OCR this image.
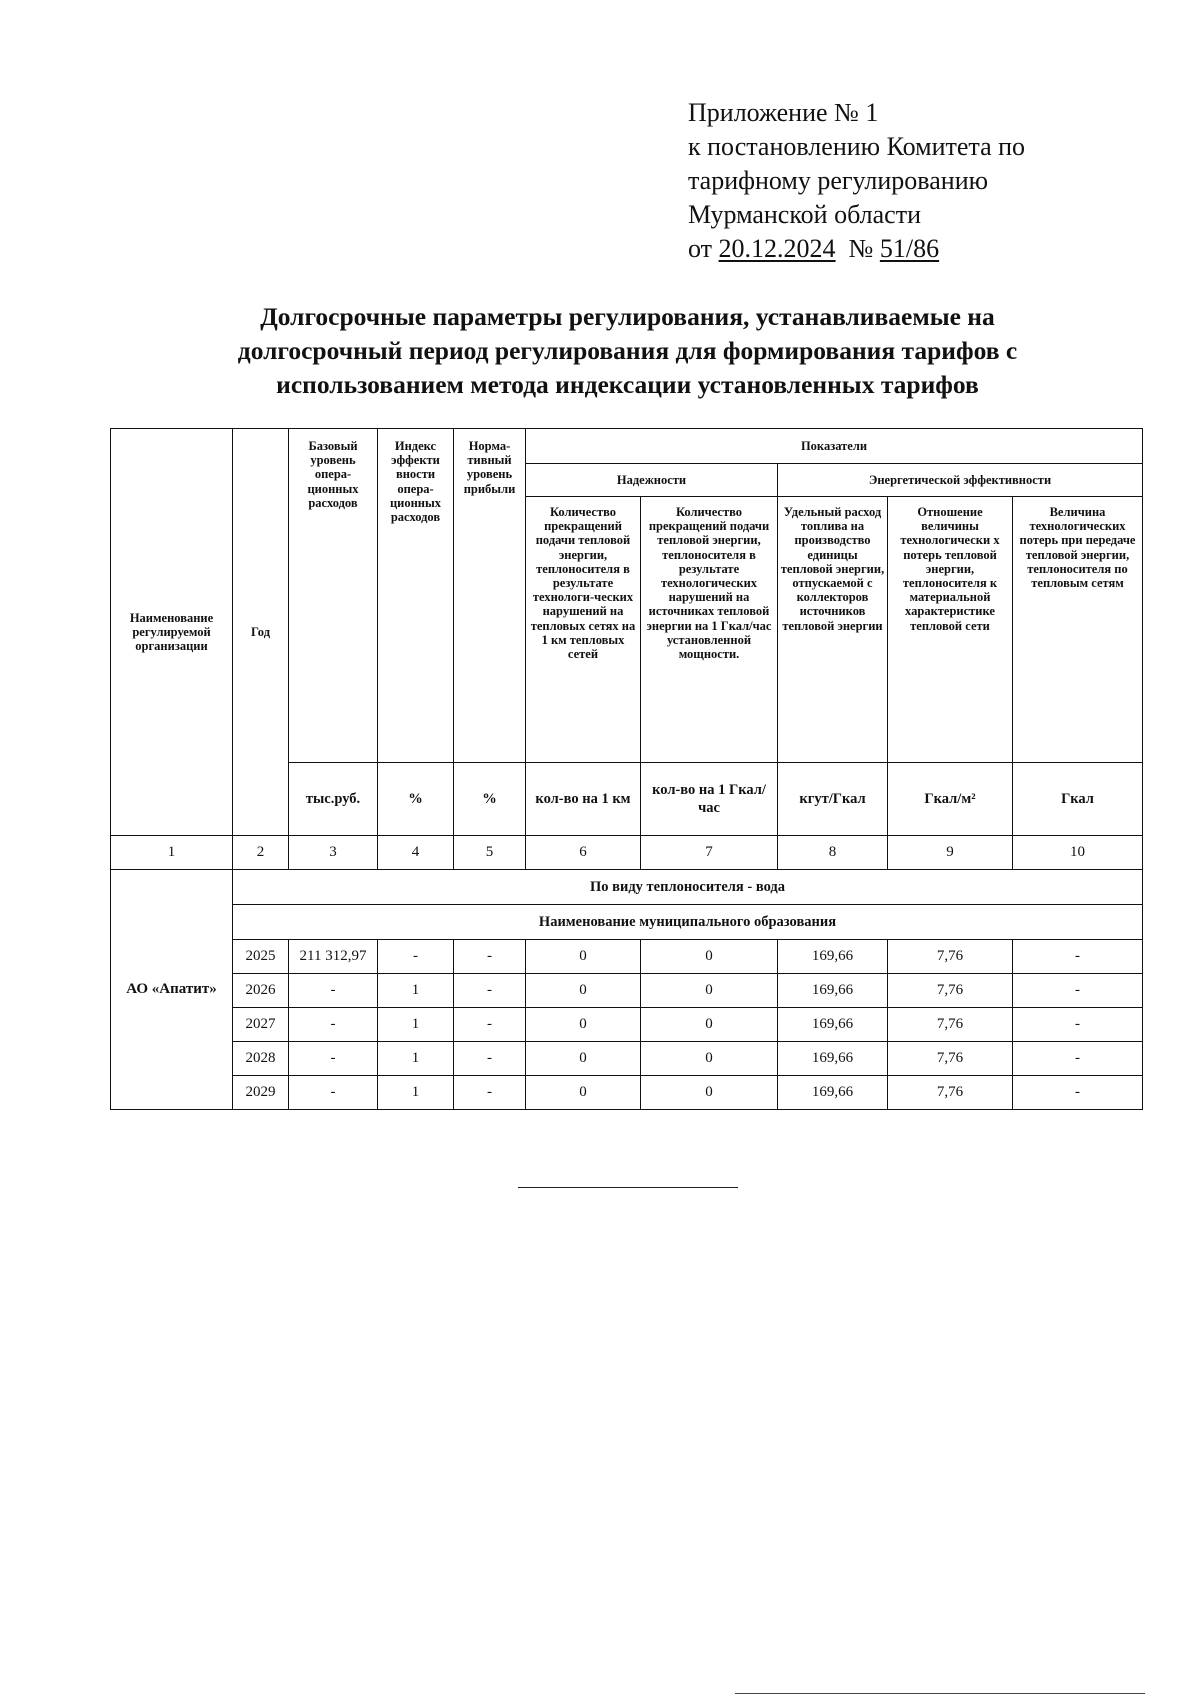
Приложение № 1
к постановлению Комитета по
тарифному регулированию
Мурманской области
от 20.12.2024 № 51/86
Долгосрочные параметры регулирования, устанавливаемые на
долгосрочный период регулирования для формирования тарифов с
использованием метода индексации установленных тарифов
Наименование регулируемой организации	Год	Базовый уровень опера-ционных расходов	Индекс эффекти вности опера-ционных расходов	Норма-тивный уровень прибыли	Показатели				
					Надежности		Энергетической эффективности		
					Количество прекращений подачи тепловой энергии, теплоносителя в результате технологи-ческих нарушений на тепловых сетях на 1 км тепловых сетей	Количество прекращений подачи тепловой энергии, теплоносителя в результате технологических нарушений на источниках тепловой энергии на 1 Гкал/час установленной мощности.	Удельный расход топлива на производство единицы тепловой энергии, отпускаемой с коллекторов источников тепловой энергии	Отношение величины технологически х потерь тепловой энергии, теплоносителя к материальной характеристике тепловой сети	Величина технологических потерь при передаче тепловой энергии, теплоносителя по тепловым сетям
		тыс.руб.	%	%	кол-во на 1 км	кол-во на 1 Гкал/час	кгут/Гкал	Гкал/м²	Гкал
1	2	3	4	5	6	7	8	9	10
АО «Апатит»	По виду теплоносителя - вода								
	Наименование муниципального образования								
	2025	211 312,97	-	-	0	0	169,66	7,76	-
	2026	-	1	-	0	0	169,66	7,76	-
	2027	-	1	-	0	0	169,66	7,76	-
	2028	-	1	-	0	0	169,66	7,76	-
	2029	-	1	-	0	0	169,66	7,76	-
